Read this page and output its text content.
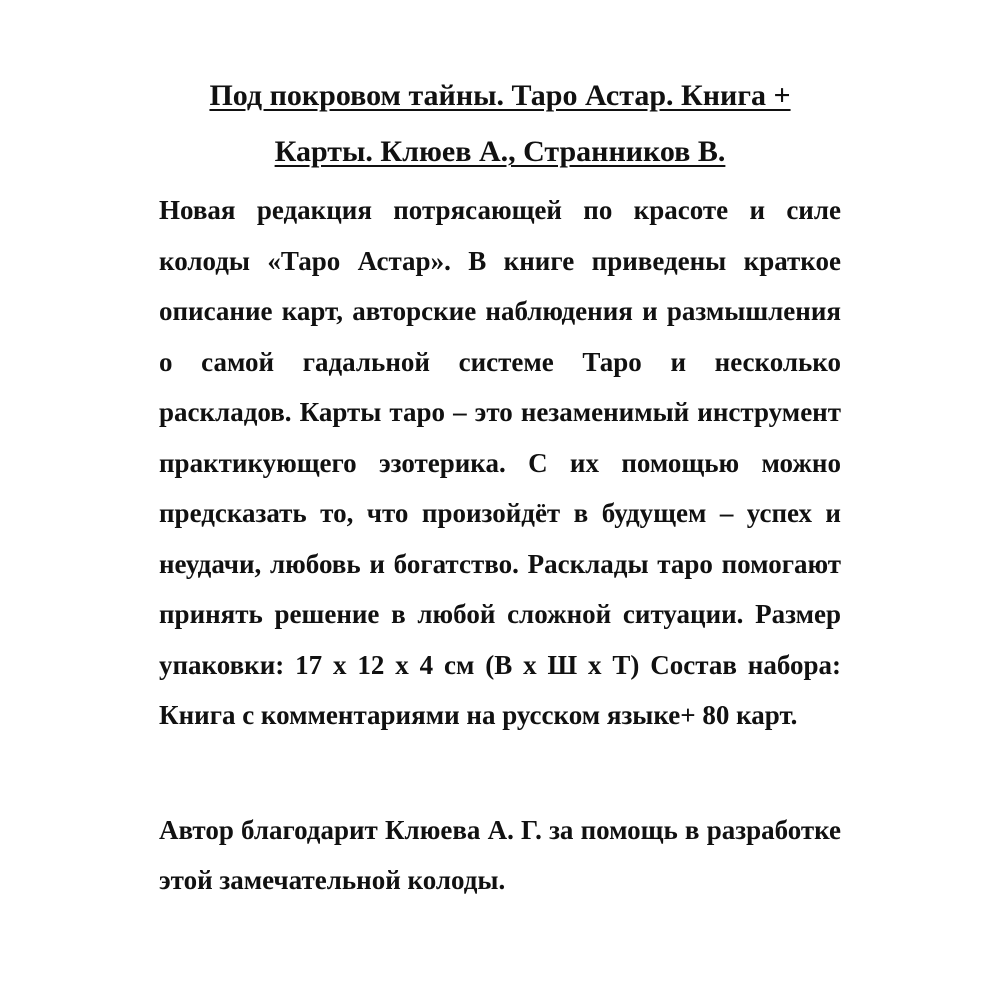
Под покровом тайны. Таро Астар. Книга +
Карты. Клюев А., Странников В.

Новая редакция потрясающей по красоте и силе колоды «Таро Астар». В книге приведены краткое описание карт, авторские наблюдения и размышления о самой гадальной системе Таро и несколько раскладов. Карты таро – это незаменимый инструмент практикующего эзотерика. С их помощью можно предсказать то, что произойдёт в будущем – успех и неудачи, любовь и богатство. Расклады таро помогают принять решение в любой сложной ситуации. Размер упаковки: 17 х 12 х 4 см (В х Ш х Т) Состав набора: Книга с комментариями на русском языке+ 80 карт.

Автор благодарит Клюева А. Г. за помощь в разработке этой замечательной колоды.
